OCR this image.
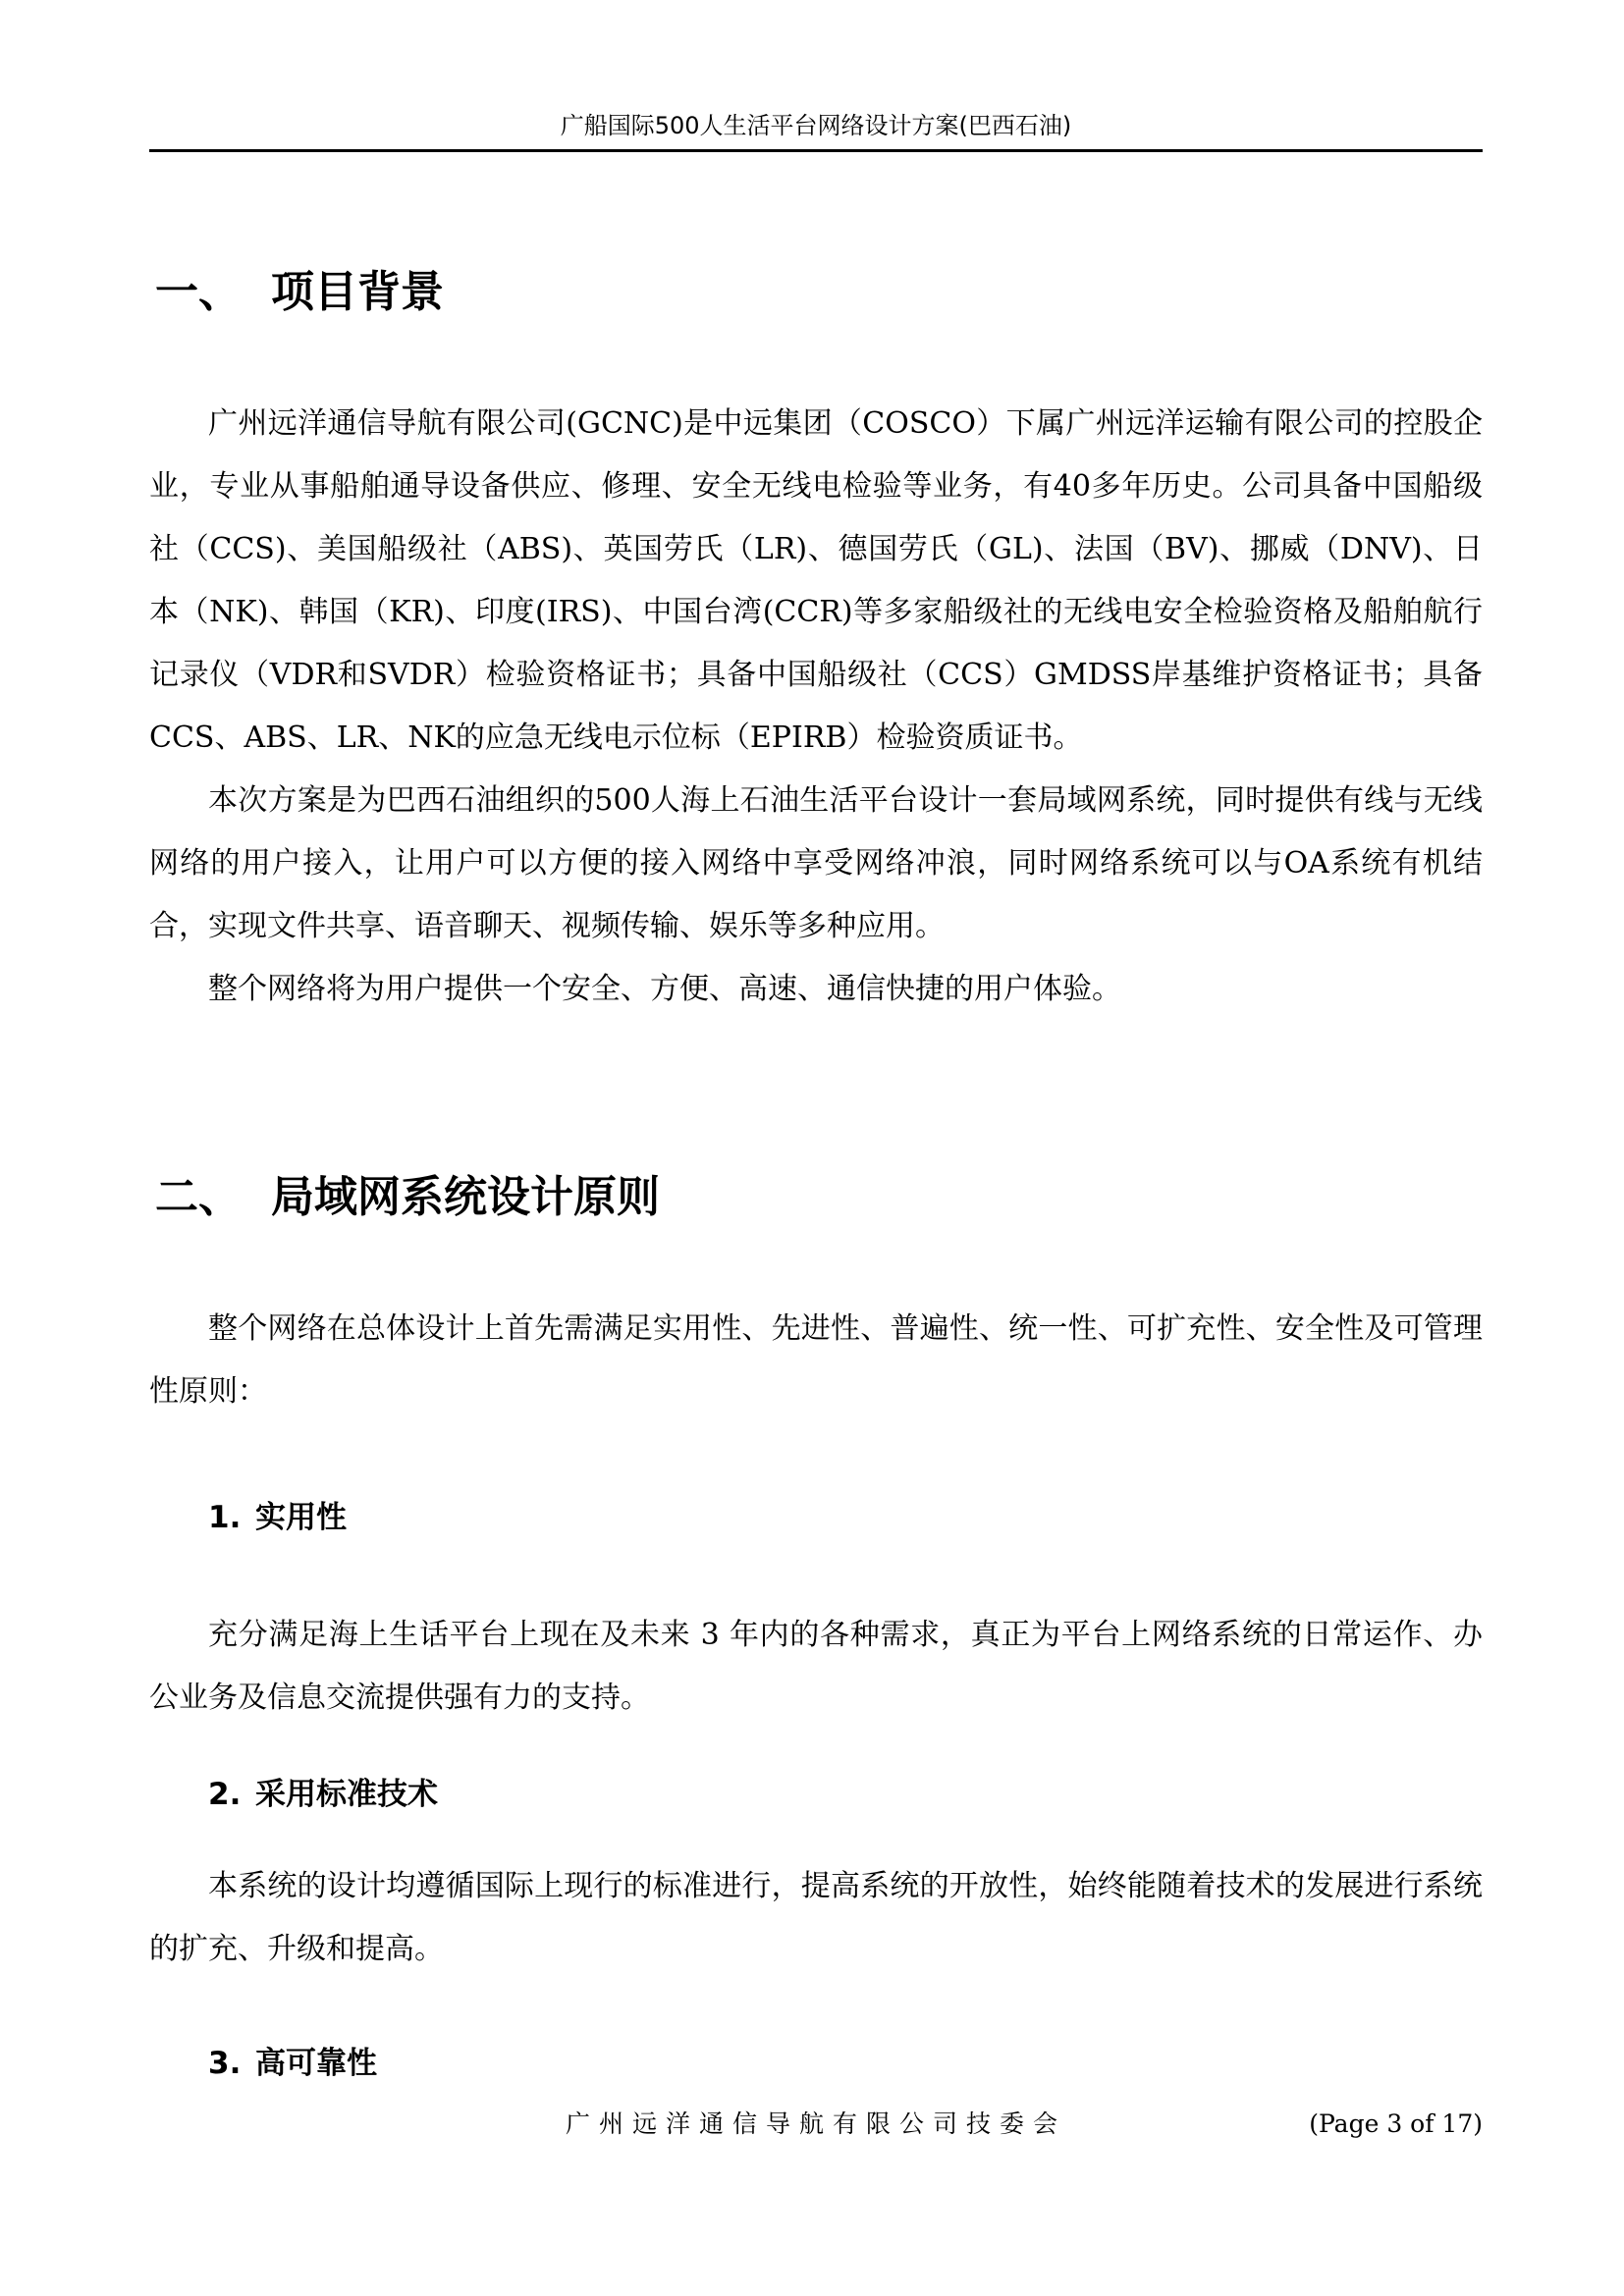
广船国际500人生活平台网络设计方案(巴西石油)
一、 项目背景

广州远洋通信导航有限公司(GCNC)是中远集团（COSCO）下属广州远洋运输有限公司的控股企业，专业从事船舶通导设备供应、修理、安全无线电检验等业务，有40多年历史。公司具备中国船级社（CCS)、美国船级社（ABS)、英国劳氏（LR)、德国劳氏（GL)、法国（BV)、挪威（DNV)、日本（NK)、韩国（KR)、印度(IRS)、中国台湾(CCR)等多家船级社的无线电安全检验资格及船舶航行记录仪（VDR和SVDR）检验资格证书；具备中国船级社（CCS）GMDSS岸基维护资格证书；具备CCS、ABS、LR、NK的应急无线电示位标（EPIRB）检验资质证书。

本次方案是为巴西石油组织的500人海上石油生活平台设计一套局域网系统，同时提供有线与无线网络的用户接入，让用户可以方便的接入网络中享受网络冲浪，同时网络系统可以与OA系统有机结合，实现文件共享、语音聊天、视频传输、娱乐等多种应用。

整个网络将为用户提供一个安全、方便、高速、通信快捷的用户体验。

二、 局域网系统设计原则

整个网络在总体设计上首先需满足实用性、先进性、普遍性、统一性、可扩充性、安全性及可管理性原则：

1. 实用性

充分满足海上生话平台上现在及未来 3 年内的各种需求，真正为平台上网络系统的日常运作、办公业务及信息交流提供强有力的支持。

2. 采用标准技术

本系统的设计均遵循国际上现行的标准进行，提高系统的开放性，始终能随着技术的发展进行系统的扩充、升级和提高。

3. 高可靠性
广州远洋通信导航有限公司技委会	(Page 3 of 17)
